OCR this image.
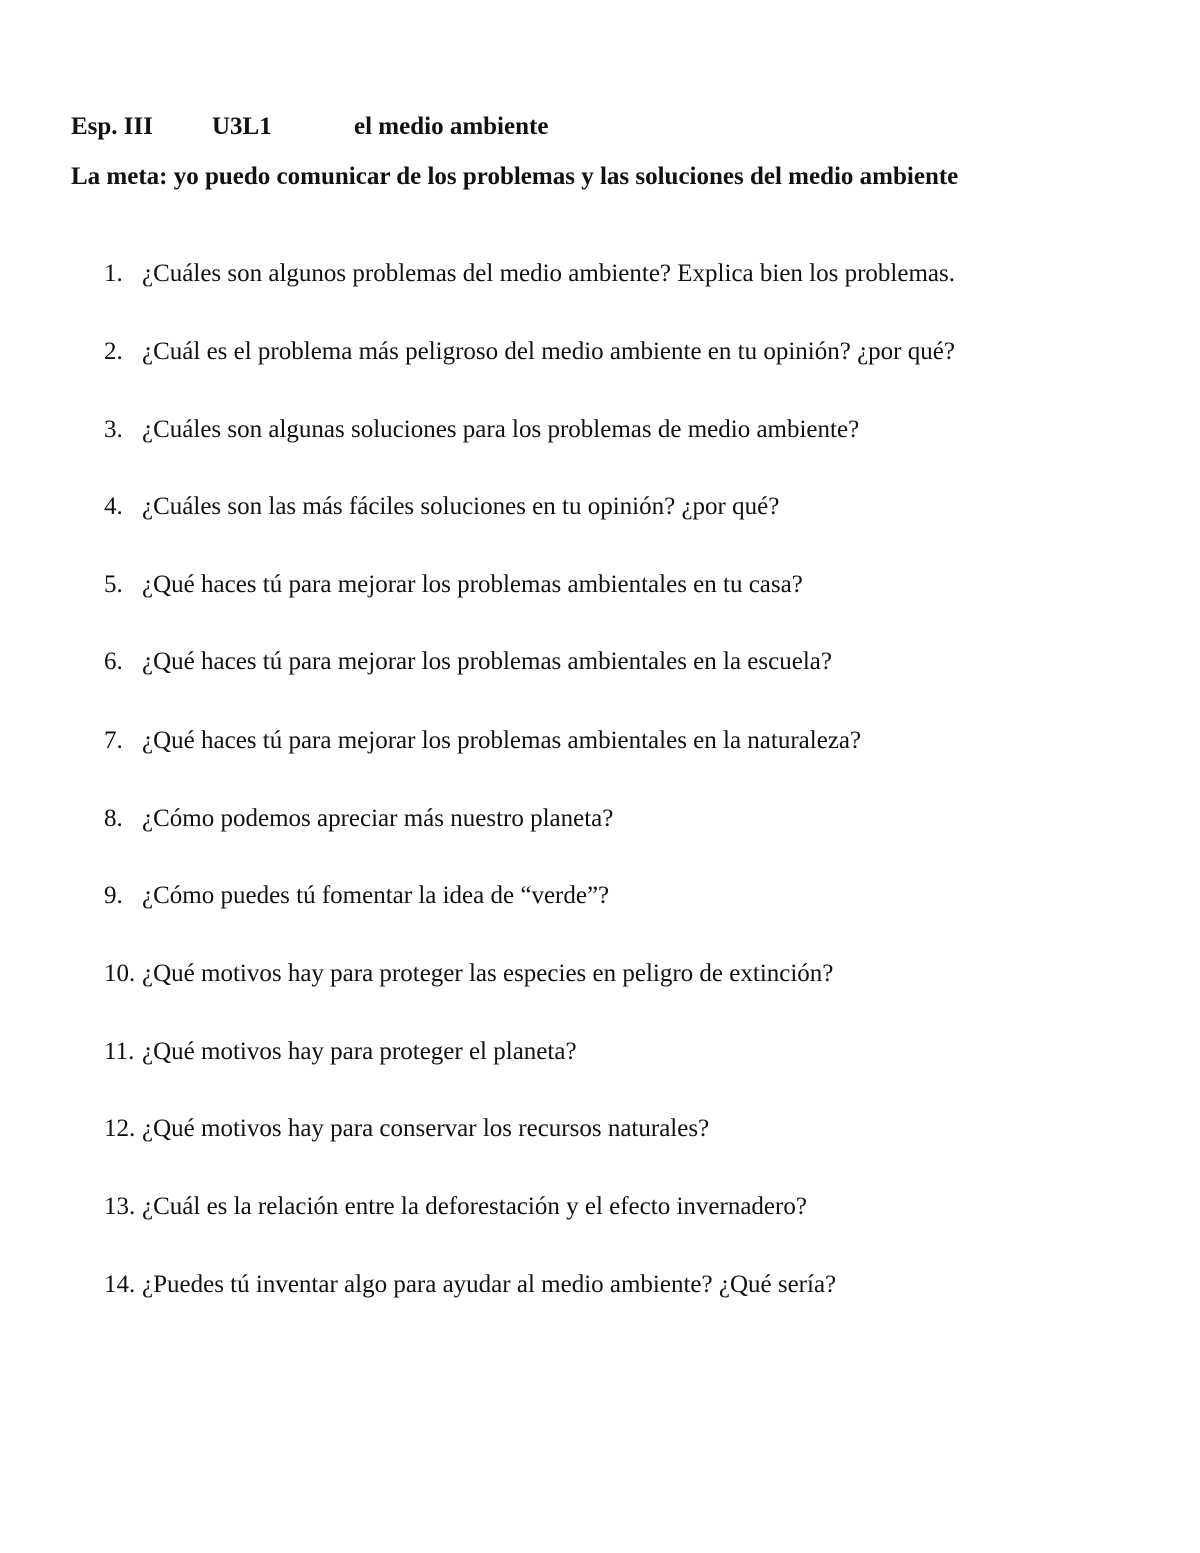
Esp. III U3L1	el medio ambiente
La meta: yo puedo comunicar de los problemas y las soluciones del medio ambiente
1. ¿Cuáles son algunos problemas del medio ambiente? Explica bien los problemas.
2. ¿Cuál es el problema más peligroso del medio ambiente en tu opinión? ¿por qué?
3. ¿Cuáles son algunas soluciones para los problemas de medio ambiente?
4. ¿Cuáles son las más fáciles soluciones en tu opinión? ¿por qué?
5. ¿Qué haces tú para mejorar los problemas ambientales en tu casa?
6. ¿Qué haces tú para mejorar los problemas ambientales en la escuela?
7. ¿Qué haces tú para mejorar los problemas ambientales en la naturaleza?
8. ¿Cómo podemos apreciar más nuestro planeta?
9. ¿Cómo puedes tú fomentar la idea de “verde”?
10. ¿Qué motivos hay para proteger las especies en peligro de extinción?
11. ¿Qué motivos hay para proteger el planeta?
12. ¿Qué motivos hay para conservar los recursos naturales?
13. ¿Cuál es la relación entre la deforestación y el efecto invernadero?
14. ¿Puedes tú inventar algo para ayudar al medio ambiente? ¿Qué sería?
